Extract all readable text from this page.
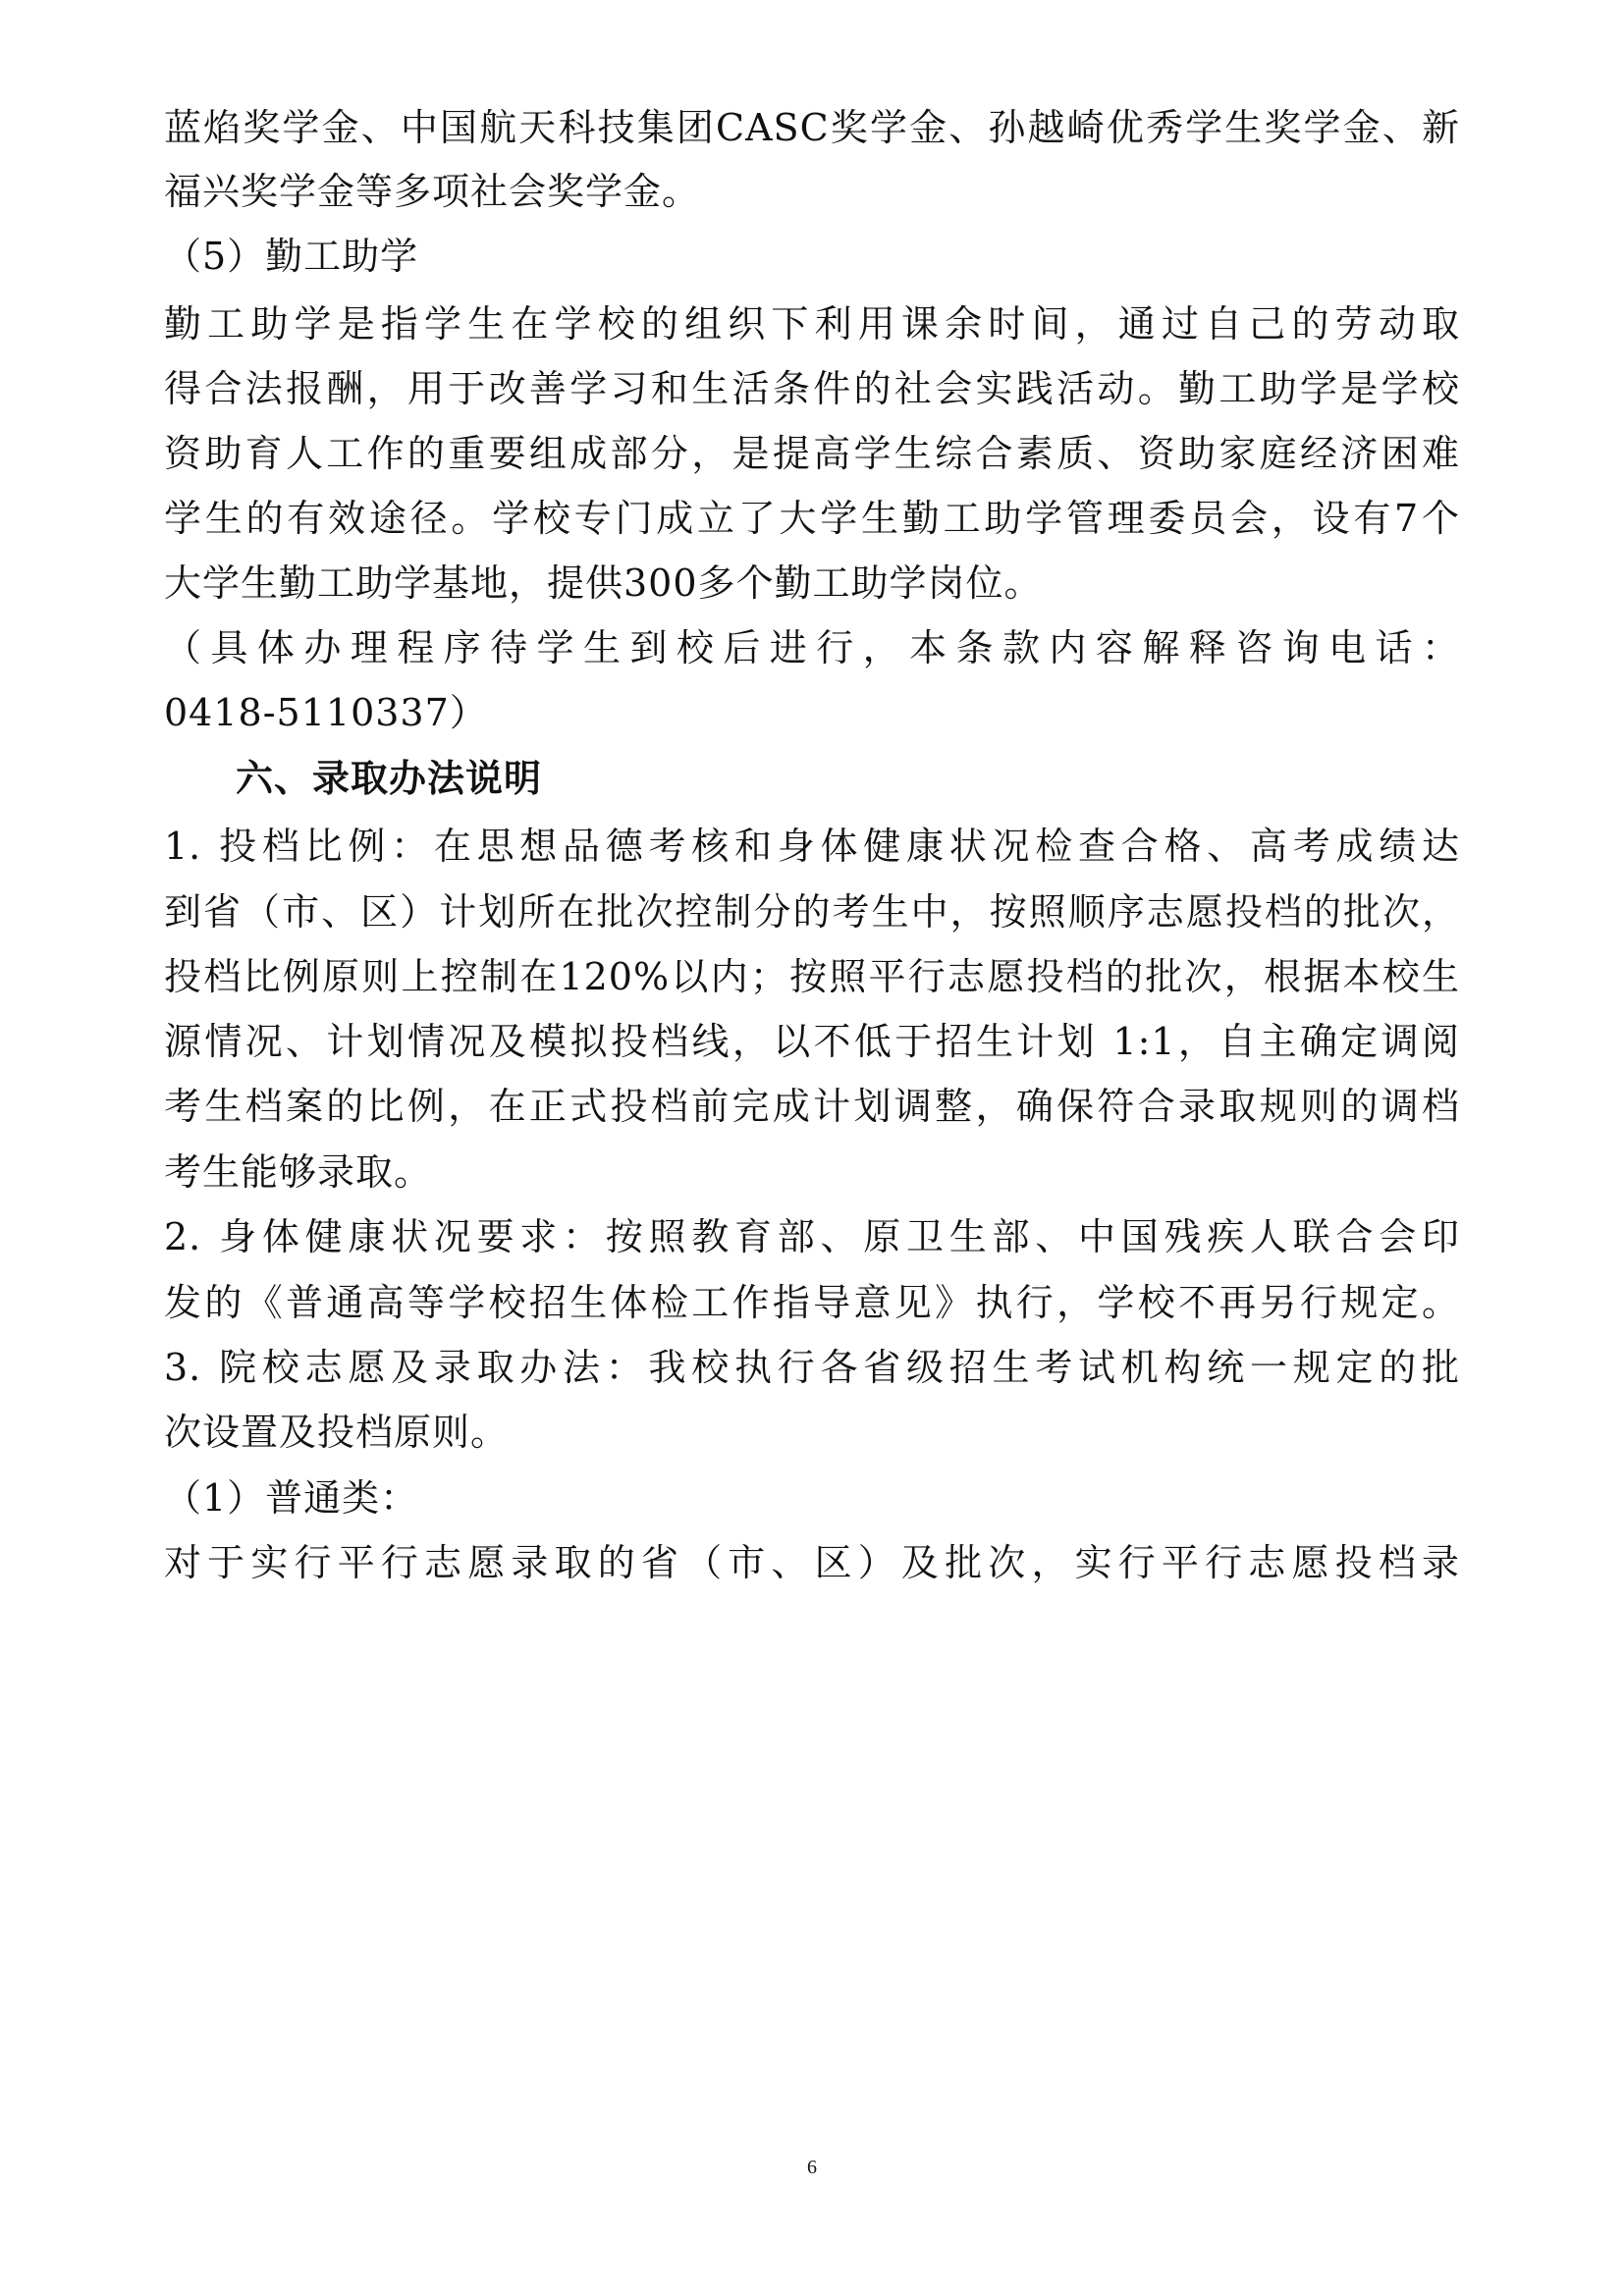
蓝焰奖学金、中国航天科技集团CASC奖学金、孙越崎优秀学生奖学金、新
福兴奖学金等多项社会奖学金。
（5）勤工助学
勤工助学是指学生在学校的组织下利用课余时间，通过自己的劳动取
得合法报酬，用于改善学习和生活条件的社会实践活动。勤工助学是学校
资助育人工作的重要组成部分，是提高学生综合素质、资助家庭经济困难
学生的有效途径。学校专门成立了大学生勤工助学管理委员会，设有7个
大学生勤工助学基地，提供300多个勤工助学岗位。
（具体办理程序待学生到校后进行，本条款内容解释咨询电话：
0418-5110337）
六、录取办法说明
1. 投档比例：在思想品德考核和身体健康状况检查合格、高考成绩达
到省（市、区）计划所在批次控制分的考生中，按照顺序志愿投档的批次，
投档比例原则上控制在120%以内；按照平行志愿投档的批次，根据本校生
源情况、计划情况及模拟投档线，以不低于招生计划 1:1，自主确定调阅
考生档案的比例，在正式投档前完成计划调整，确保符合录取规则的调档
考生能够录取。
2. 身体健康状况要求：按照教育部、原卫生部、中国残疾人联合会印
发的《普通高等学校招生体检工作指导意见》执行，学校不再另行规定。
3. 院校志愿及录取办法：我校执行各省级招生考试机构统一规定的批
次设置及投档原则。
（1）普通类：
对于实行平行志愿录取的省（市、区）及批次，实行平行志愿投档录
6
